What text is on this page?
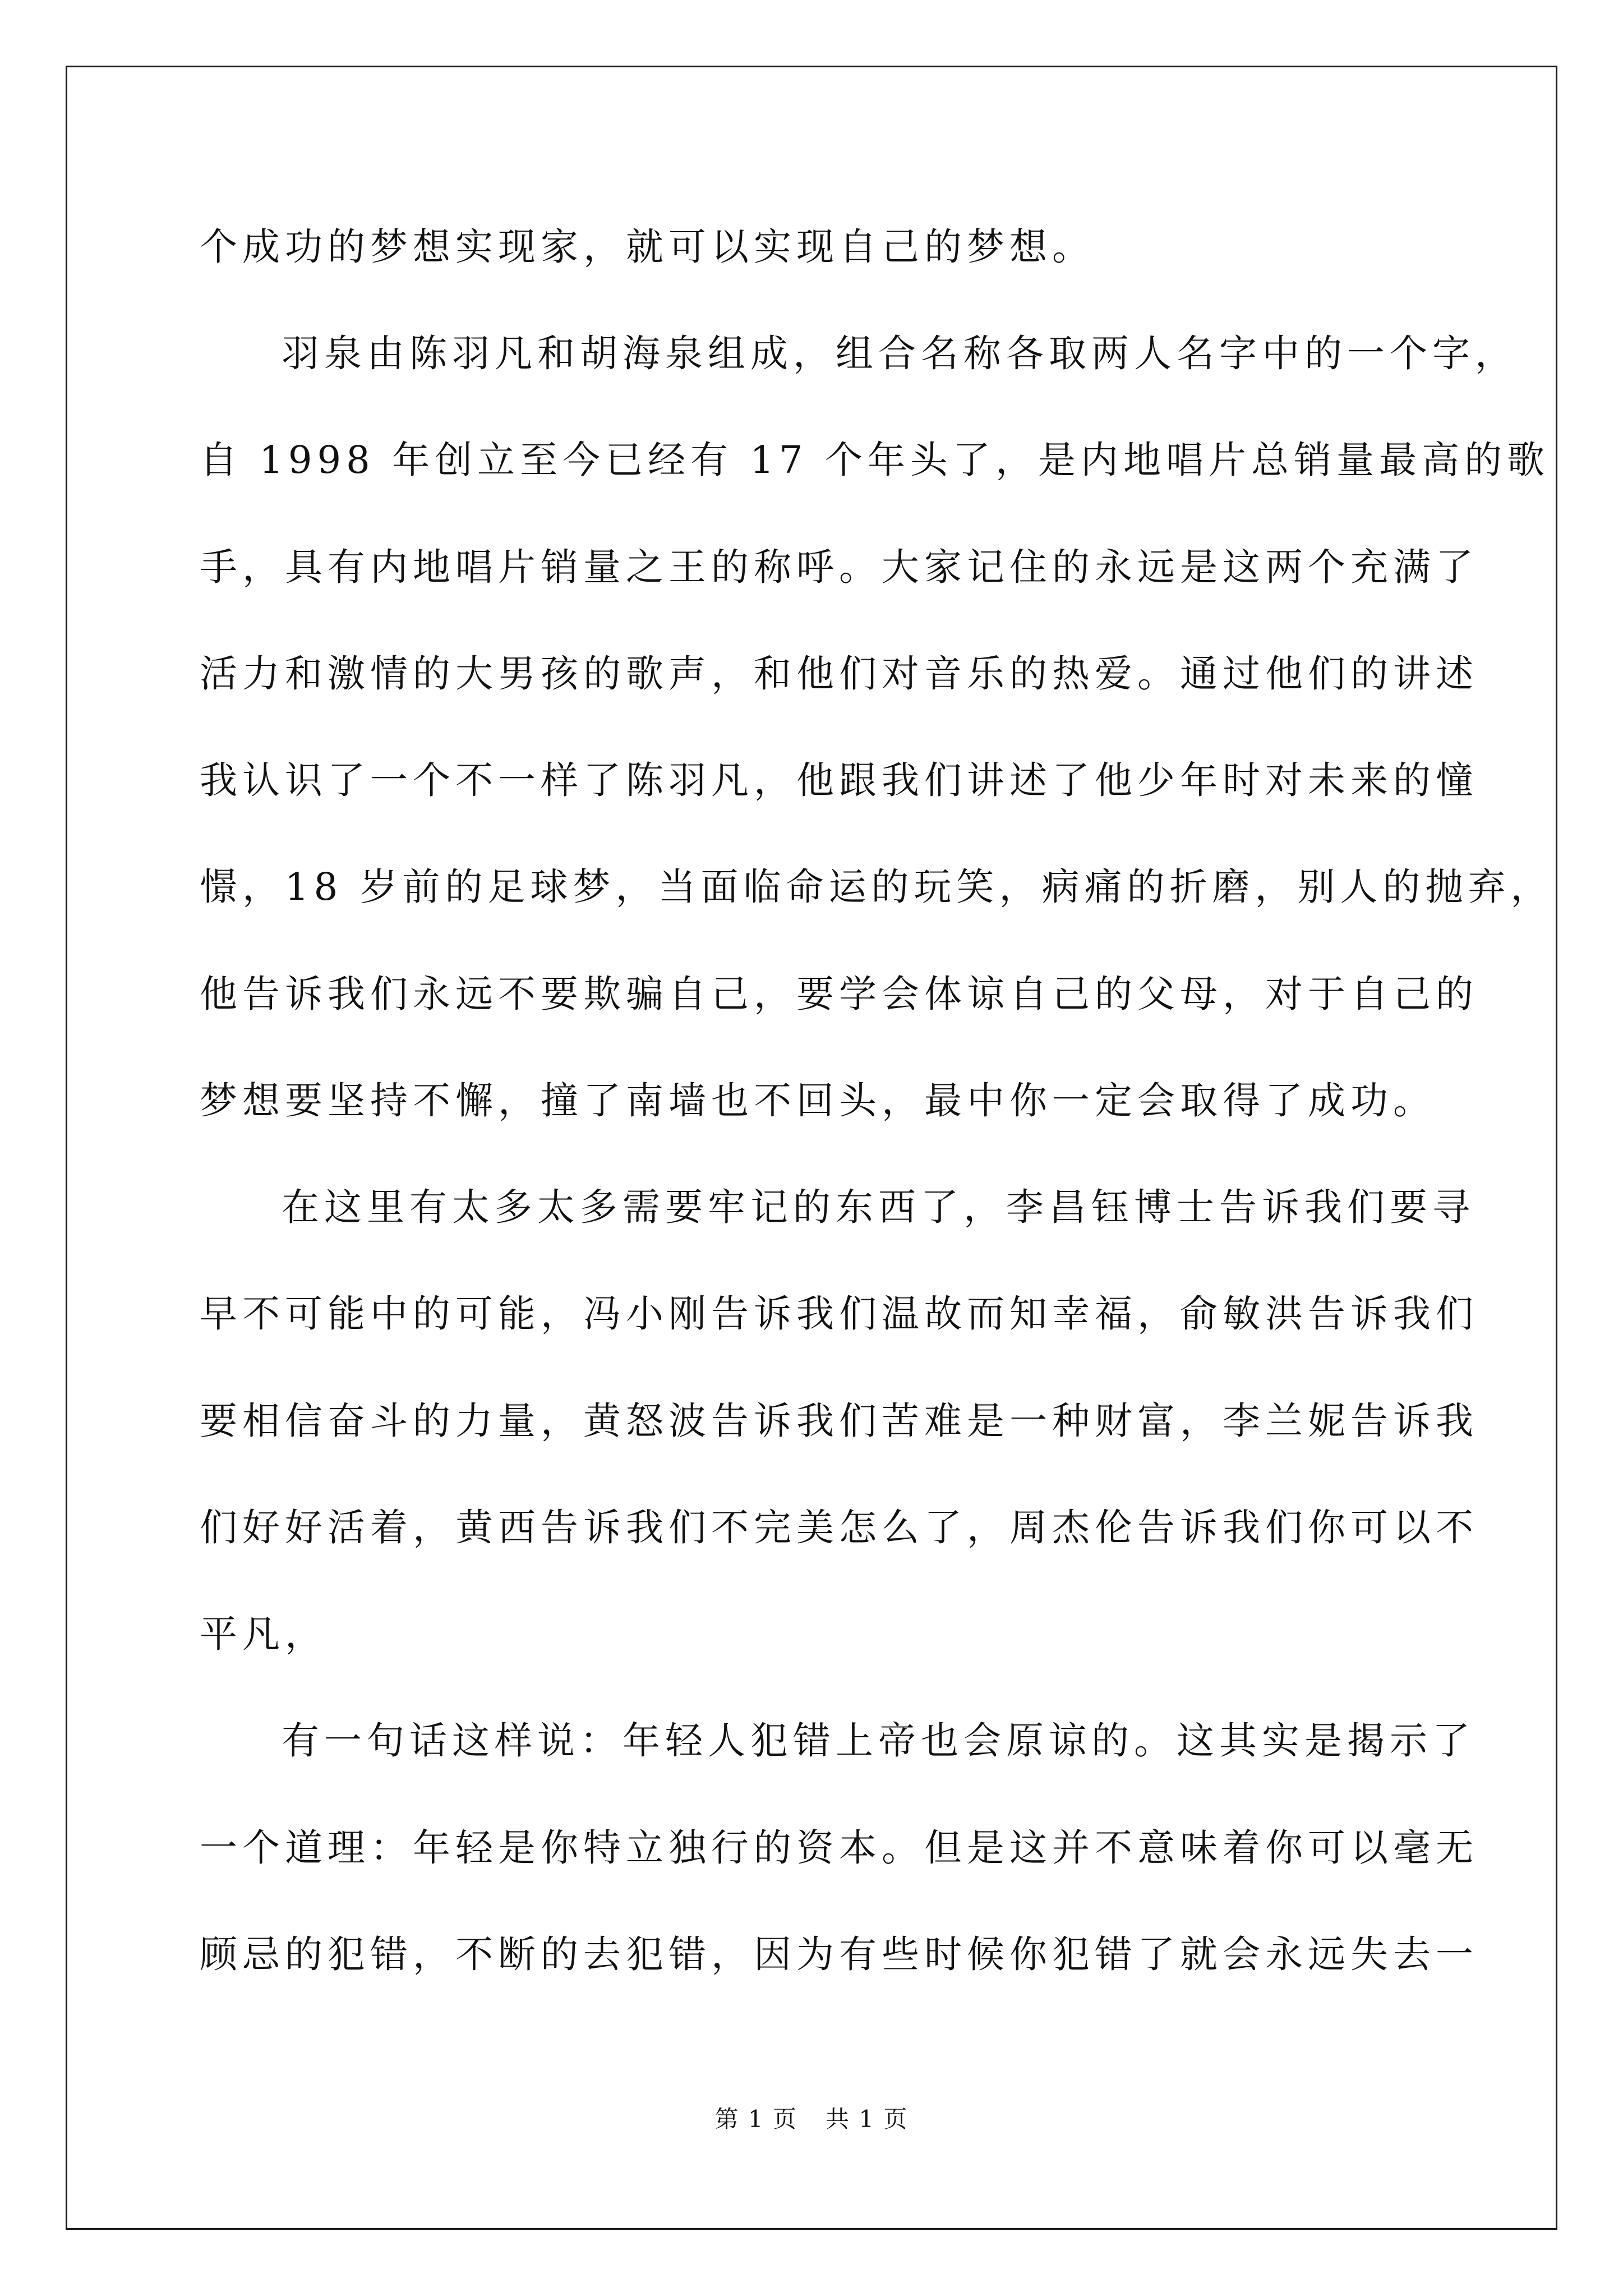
个成功的梦想实现家，就可以实现自己的梦想。
羽泉由陈羽凡和胡海泉组成，组合名称各取两人名字中的一个字，
自 1998 年创立至今已经有 17 个年头了，是内地唱片总销量最高的歌
手，具有内地唱片销量之王的称呼。大家记住的永远是这两个充满了
活力和激情的大男孩的歌声，和他们对音乐的热爱。通过他们的讲述
我认识了一个不一样了陈羽凡，他跟我们讲述了他少年时对未来的憧
憬，18 岁前的足球梦，当面临命运的玩笑，病痛的折磨，别人的抛弃，
他告诉我们永远不要欺骗自己，要学会体谅自己的父母，对于自己的
梦想要坚持不懈，撞了南墙也不回头，最中你一定会取得了成功。
在这里有太多太多需要牢记的东西了，李昌钰博士告诉我们要寻
早不可能中的可能，冯小刚告诉我们温故而知幸福，俞敏洪告诉我们
要相信奋斗的力量，黄怒波告诉我们苦难是一种财富，李兰妮告诉我
们好好活着，黄西告诉我们不完美怎么了，周杰伦告诉我们你可以不
平凡，
有一句话这样说：年轻人犯错上帝也会原谅的。这其实是揭示了
一个道理：年轻是你特立独行的资本。但是这并不意味着你可以毫无
顾忌的犯错，不断的去犯错，因为有些时候你犯错了就会永远失去一
第 1 页 共 1 页
